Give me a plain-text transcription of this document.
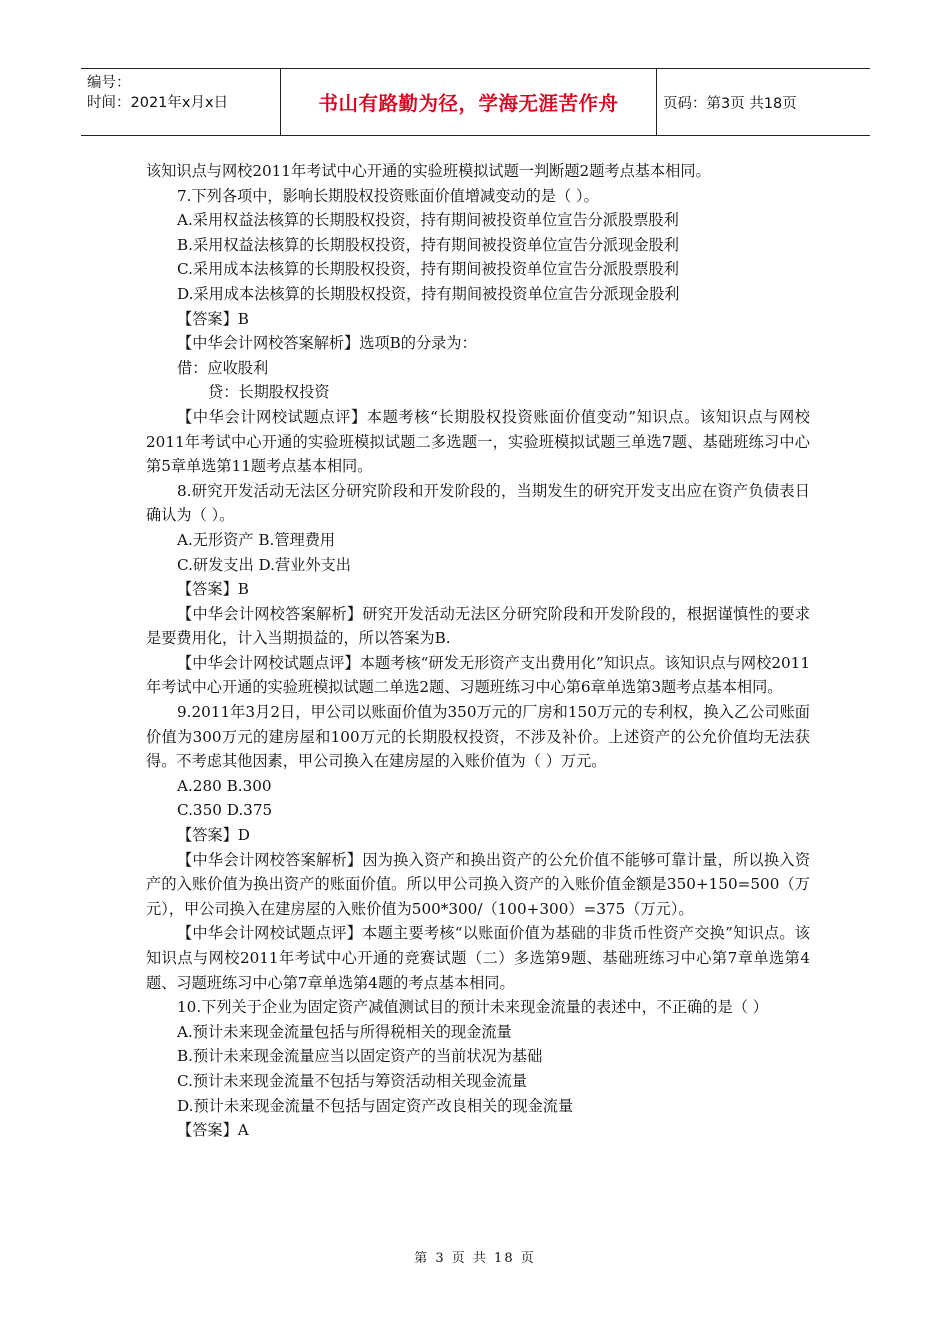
编号：
时间：2021年x月x日	书山有路勤为径，学海无涯苦作舟	页码：第3页 共18页

该知识点与网校2011年考试中心开通的实验班模拟试题一判断题2题考点基本相同。

7.下列各项中，影响长期股权投资账面价值增减变动的是（ ）。

A.采用权益法核算的长期股权投资，持有期间被投资单位宣告分派股票股利

B.采用权益法核算的长期股权投资，持有期间被投资单位宣告分派现金股利

C.采用成本法核算的长期股权投资，持有期间被投资单位宣告分派股票股利

D.采用成本法核算的长期股权投资，持有期间被投资单位宣告分派现金股利

【答案】B

【中华会计网校答案解析】选项B的分录为：

借：应收股利

贷：长期股权投资

【中华会计网校试题点评】本题考核“长期股权投资账面价值变动”知识点。该知识点与网校2011年考试中心开通的实验班模拟试题二多选题一，实验班模拟试题三单选7题、基础班练习中心第5章单选第11题考点基本相同。

8.研究开发活动无法区分研究阶段和开发阶段的，当期发生的研究开发支出应在资产负债表日确认为（ ）。

A.无形资产 B.管理费用

C.研发支出 D.营业外支出

【答案】B

【中华会计网校答案解析】研究开发活动无法区分研究阶段和开发阶段的，根据谨慎性的要求是要费用化，计入当期损益的，所以答案为B.

【中华会计网校试题点评】本题考核“研发无形资产支出费用化”知识点。该知识点与网校2011年考试中心开通的实验班模拟试题二单选2题、习题班练习中心第6章单选第3题考点基本相同。

9.2011年3月2日，甲公司以账面价值为350万元的厂房和150万元的专利权，换入乙公司账面价值为300万元的建房屋和100万元的长期股权投资，不涉及补价。上述资产的公允价值均无法获得。不考虑其他因素，甲公司换入在建房屋的入账价值为（ ）万元。

A.280 B.300

C.350 D.375

【答案】D

【中华会计网校答案解析】因为换入资产和换出资产的公允价值不能够可靠计量，所以换入资产的入账价值为换出资产的账面价值。所以甲公司换入资产的入账价值金额是350+150=500（万元），甲公司换入在建房屋的入账价值为500*300/（100+300）=375（万元）。

【中华会计网校试题点评】本题主要考核“以账面价值为基础的非货币性资产交换”知识点。该知识点与网校2011年考试中心开通的竞赛试题（二）多选第9题、基础班练习中心第7章单选第4题、习题班练习中心第7章单选第4题的考点基本相同。

10.下列关于企业为固定资产减值测试目的预计未来现金流量的表述中，不正确的是（ ）

A.预计未来现金流量包括与所得税相关的现金流量

B.预计未来现金流量应当以固定资产的当前状况为基础

C.预计未来现金流量不包括与筹资活动相关现金流量

D.预计未来现金流量不包括与固定资产改良相关的现金流量

【答案】A

第 3 页 共 18 页
